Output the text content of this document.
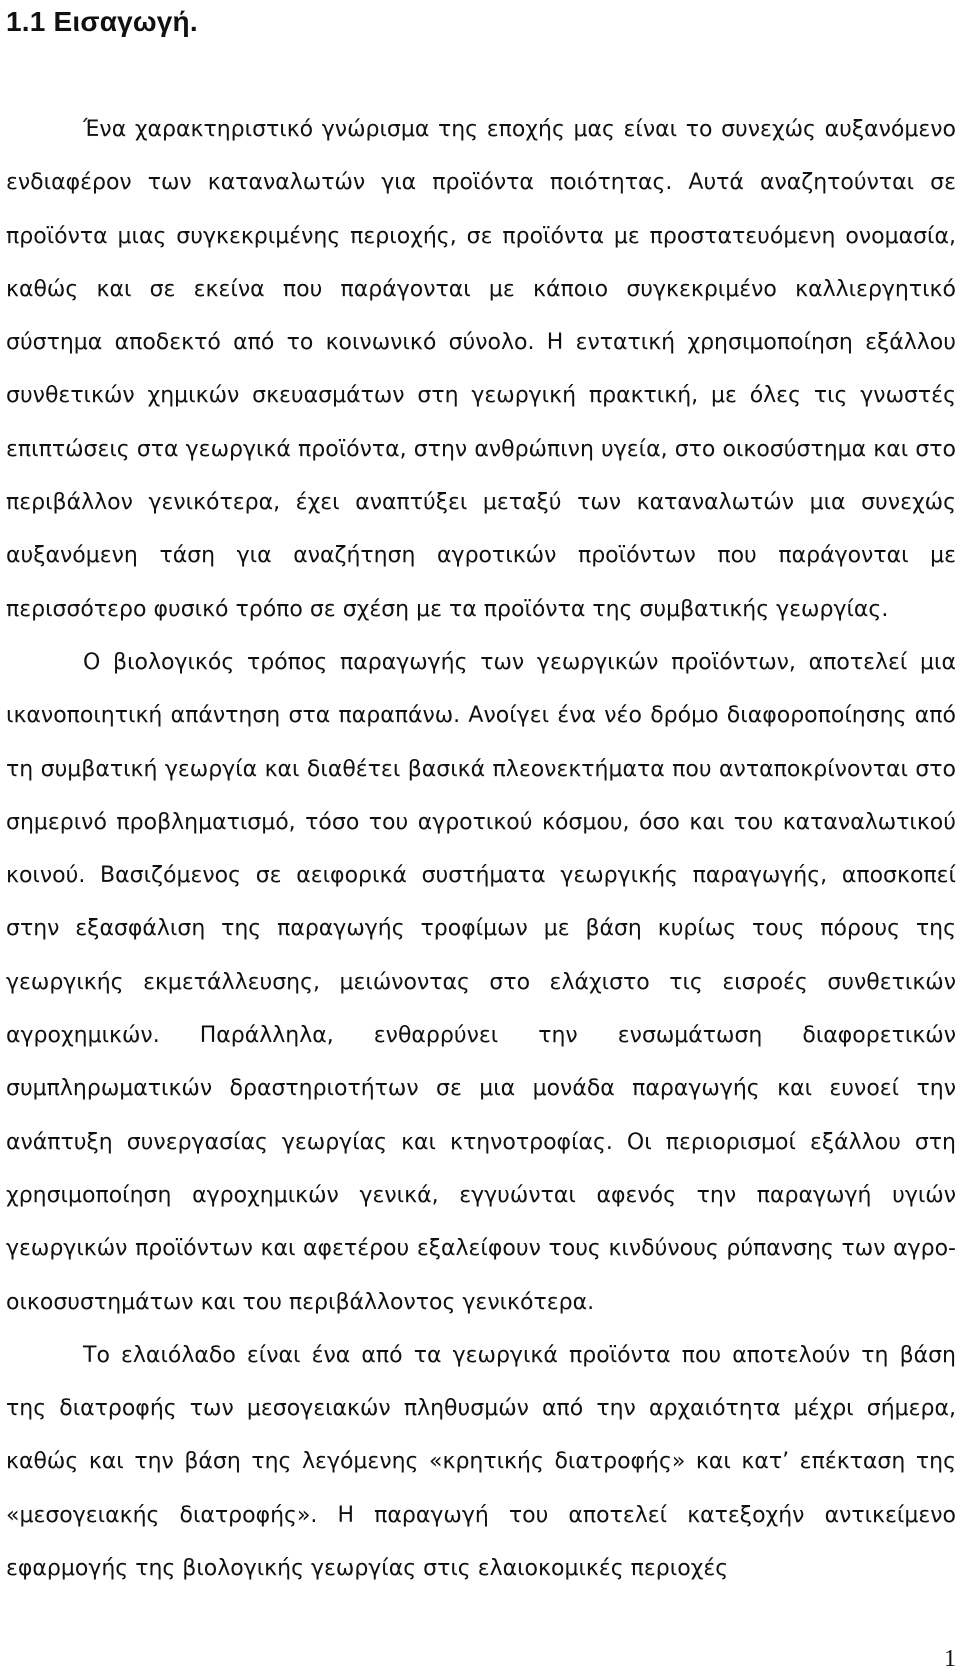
1.1 Εισαγωγή.

Ένα χαρακτηριστικό γνώρισμα της εποχής μας είναι το συνεχώς αυξανόμενο ενδιαφέρον των καταναλωτών για προϊόντα ποιότητας. Αυτά αναζητούνται σε προϊόντα μιας συγκεκριμένης περιοχής, σε προϊόντα με προστατευόμενη ονομασία, καθώς και σε εκείνα που παράγονται με κάποιο συγκεκριμένο καλλιεργητικό σύστημα αποδεκτό από το κοινωνικό σύνολο. Η εντατική χρησιμοποίηση εξάλλου συνθετικών χημικών σκευασμάτων στη γεωργική πρακτική, με όλες τις γνωστές επιπτώσεις στα γεωργικά προϊόντα, στην ανθρώπινη υγεία, στο οικοσύστημα και στο περιβάλλον γενικότερα, έχει αναπτύξει μεταξύ των καταναλωτών μια συνεχώς αυξανόμενη τάση για αναζήτηση αγροτικών προϊόντων που παράγονται με περισσότερο φυσικό τρόπο σε σχέση με τα προϊόντα της συμβατικής γεωργίας.

Ο βιολογικός τρόπος παραγωγής των γεωργικών προϊόντων, αποτελεί μια ικανοποιητική απάντηση στα παραπάνω. Ανοίγει ένα νέο δρόμο διαφοροποίησης από τη συμβατική γεωργία και διαθέτει βασικά πλεονεκτήματα που ανταποκρίνονται στο σημερινό προβληματισμό, τόσο του αγροτικού κόσμου, όσο και του καταναλωτικού κοινού. Βασιζόμενος σε αειφορικά συστήματα γεωργικής παραγωγής, αποσκοπεί στην εξασφάλιση της παραγωγής τροφίμων με βάση κυρίως τους πόρους της γεωργικής εκμετάλλευσης, μειώνοντας στο ελάχιστο τις εισροές συνθετικών αγροχημικών. Παράλληλα, ενθαρρύνει την ενσωμάτωση διαφορετικών συμπληρωματικών δραστηριοτήτων σε μια μονάδα παραγωγής και ευνοεί την ανάπτυξη συνεργασίας γεωργίας και κτηνοτροφίας. Οι περιορισμοί εξάλλου στη χρησιμοποίηση αγροχημικών γενικά, εγγυώνται αφενός την παραγωγή υγιών γεωργικών προϊόντων και αφετέρου εξαλείφουν τους κινδύνους ρύπανσης των αγρο-οικοσυστημάτων και του περιβάλλοντος γενικότερα.

Το ελαιόλαδο είναι ένα από τα γεωργικά προϊόντα που αποτελούν τη βάση της διατροφής των μεσογειακών πληθυσμών από την αρχαιότητα μέχρι σήμερα, καθώς και την βάση της λεγόμενης «κρητικής διατροφής» και κατ’ επέκταση της «μεσογειακής διατροφής». Η παραγωγή του αποτελεί κατεξοχήν αντικείμενο εφαρμογής της βιολογικής γεωργίας στις ελαιοκομικές περιοχές

1
